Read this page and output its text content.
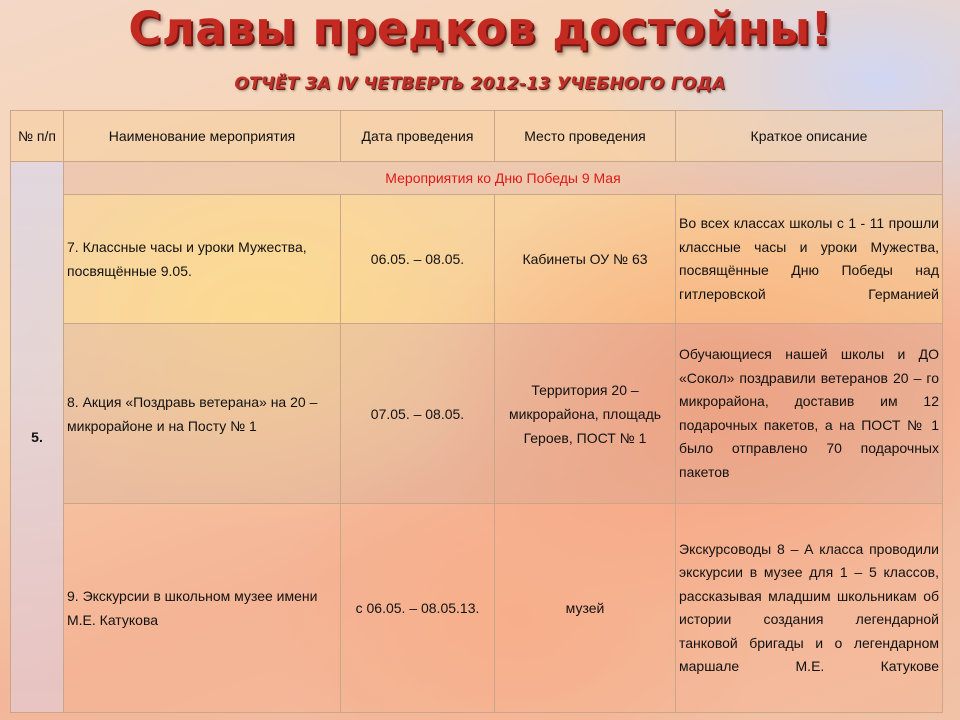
Славы предков достойны!
ОТЧЁТ ЗА IV ЧЕТВЕРТЬ 2012-13 УЧЕБНОГО ГОДА
№ п/п	Наименование мероприятия	Дата проведения	Место проведения	Краткое описание
5.	Мероприятия ко Дню Победы 9 Мая			
	7. Классные часы и уроки Мужества, посвящённые 9.05.	06.05. – 08.05.	Кабинеты ОУ № 63	Во всех классах школы с 1 - 11 прошли классные часы и уроки Мужества, посвящённые Дню Победы над гитлеровской Германией
	8. Акция «Поздравь ветерана» на 20 – микрорайоне и на Посту № 1	07.05. – 08.05.	Территория 20 – микрорайона, площадь Героев, ПОСТ № 1	Обучающиеся нашей школы и ДО «Сокол» поздравили ветеранов 20 – го микрорайона, доставив им 12 подарочных пакетов, а на ПОСТ № 1 было отправлено 70 подарочных пакетов
	9. Экскурсии в школьном музее имени М.Е. Катукова	с 06.05. – 08.05.13.	музей	Экскурсоводы 8 – А класса проводили экскурсии в музее для 1 – 5 классов, рассказывая младшим школьникам об истории создания легендарной танковой бригады и о легендарном маршале М.Е. Катукове
